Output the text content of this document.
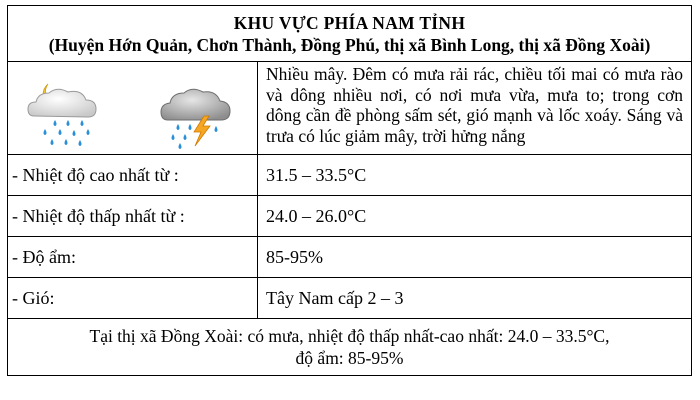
KHU VỰC PHÍA NAM TỈNH
(Huyện Hớn Quản, Chơn Thành, Đồng Phú, thị xã Bình Long, thị xã Đồng Xoài)	

Nhiều mây. Đêm có mưa rải rác, chiều tối mai có mưa rào và dông nhiều nơi, có nơi mưa vừa, mưa to; trong cơn dông cần đề phòng sấm sét, gió mạnh và lốc xoáy. Sáng và trưa có lúc giảm mây, trời hửng nắng

- Nhiệt độ cao nhất từ :	31.5 – 33.5°C
- Nhiệt độ thấp nhất từ :	24.0 – 26.0°C
- Độ ẩm:	85-95%
- Gió:	Tây Nam cấp 2 – 3

Tại thị xã Đồng Xoài: có mưa, nhiệt độ thấp nhất-cao nhất: 24.0 – 33.5°C,
độ ẩm: 85-95%	
